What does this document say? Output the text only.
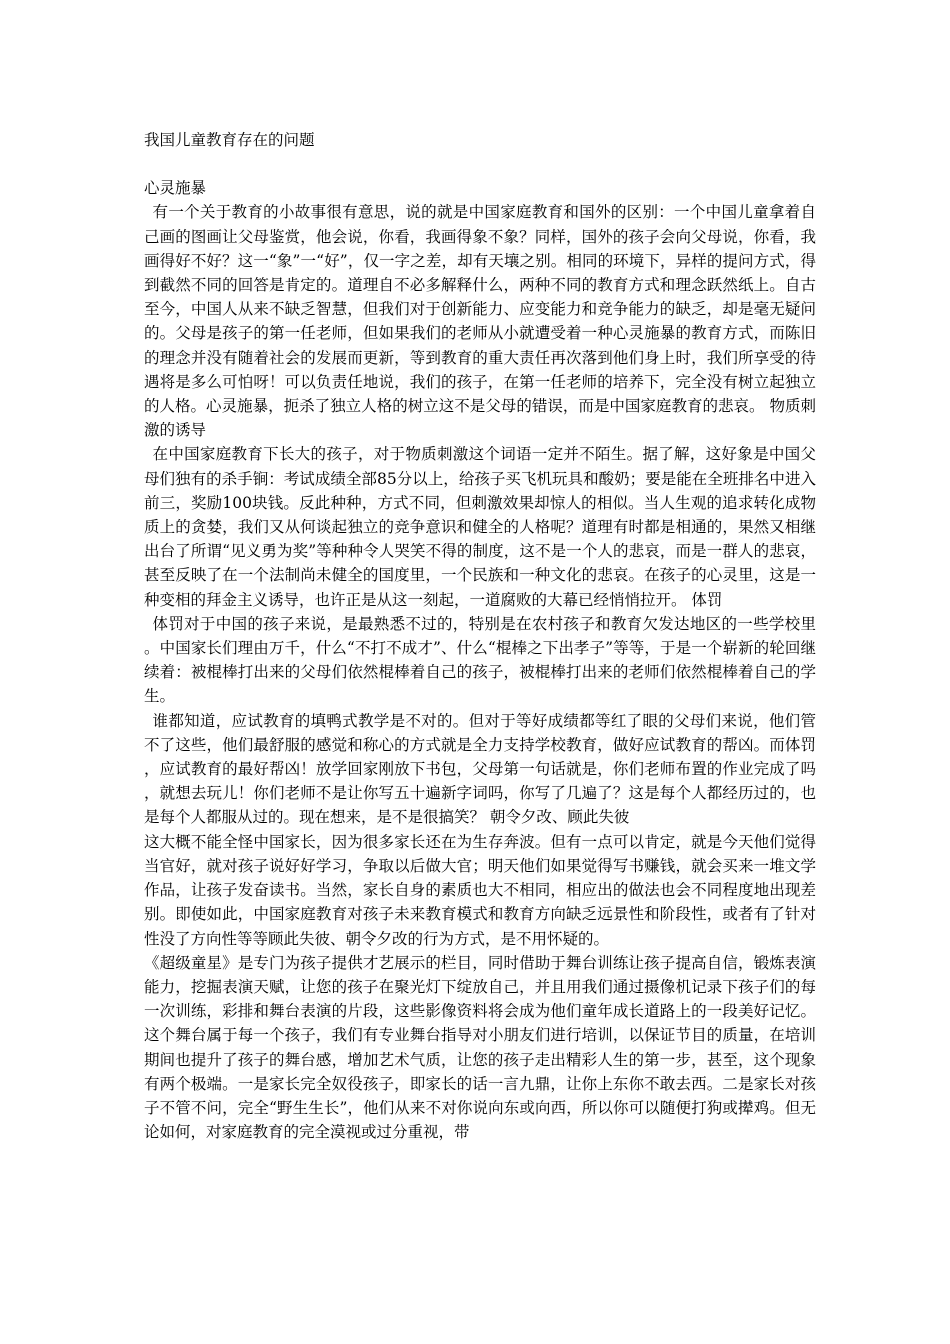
我国儿童教育存在的问题

心灵施暴

有一个关于教育的小故事很有意思，说的就是中国家庭教育和国外的区别：一个中国儿童拿着自己画的图画让父母鉴赏，他会说，你看，我画得象不象？同样，国外的孩子会向父母说，你看，我画得好不好？这一“象”一“好”，仅一字之差，却有天壤之别。相同的环境下，异样的提问方式，得到截然不同的回答是肯定的。道理自不必多解释什么，两种不同的教育方式和理念跃然纸上。自古至今，中国人从来不缺乏智慧，但我们对于创新能力、应变能力和竞争能力的缺乏，却是毫无疑问的。父母是孩子的第一任老师，但如果我们的老师从小就遭受着一种心灵施暴的教育方式，而陈旧的理念并没有随着社会的发展而更新，等到教育的重大责任再次落到他们身上时，我们所享受的待遇将是多么可怕呀！可以负责任地说，我们的孩子，在第一任老师的培养下，完全没有树立起独立的人格。心灵施暴，扼杀了独立人格的树立这不是父母的错误，而是中国家庭教育的悲哀。 物质刺激的诱导

在中国家庭教育下长大的孩子，对于物质刺激这个词语一定并不陌生。据了解，这好象是中国父母们独有的杀手锏：考试成绩全部85分以上，给孩子买飞机玩具和酸奶；要是能在全班排名中进入前三，奖励100块钱。反此种种，方式不同，但刺激效果却惊人的相似。当人生观的追求转化成物质上的贪婪，我们又从何谈起独立的竞争意识和健全的人格呢？道理有时都是相通的，果然又相继出台了所谓“见义勇为奖”等种种令人哭笑不得的制度，这不是一个人的悲哀，而是一群人的悲哀，甚至反映了在一个法制尚未健全的国度里，一个民族和一种文化的悲哀。在孩子的心灵里，这是一种变相的拜金主义诱导，也许正是从这一刻起，一道腐败的大幕已经悄悄拉开。 体罚

体罚对于中国的孩子来说，是最熟悉不过的，特别是在农村孩子和教育欠发达地区的一些学校里。中国家长们理由万千，什么“不打不成才”、什么“棍棒之下出孝子”等等，于是一个崭新的轮回继续着：被棍棒打出来的父母们依然棍棒着自己的孩子，被棍棒打出来的老师们依然棍棒着自己的学生。

谁都知道，应试教育的填鸭式教学是不对的。但对于等好成绩都等红了眼的父母们来说，他们管不了这些，他们最舒服的感觉和称心的方式就是全力支持学校教育，做好应试教育的帮凶。而体罚，应试教育的最好帮凶！放学回家刚放下书包，父母第一句话就是，你们老师布置的作业完成了吗，就想去玩儿！你们老师不是让你写五十遍新字词吗，你写了几遍了？这是每个人都经历过的，也是每个人都服从过的。现在想来，是不是很搞笑？ 朝令夕改、顾此失彼

这大概不能全怪中国家长，因为很多家长还在为生存奔波。但有一点可以肯定，就是今天他们觉得当官好，就对孩子说好好学习，争取以后做大官；明天他们如果觉得写书赚钱，就会买来一堆文学作品，让孩子发奋读书。当然，家长自身的素质也大不相同，相应出的做法也会不同程度地出现差别。即使如此，中国家庭教育对孩子未来教育模式和教育方向缺乏远景性和阶段性，或者有了针对性没了方向性等等顾此失彼、朝令夕改的行为方式，是不用怀疑的。

《超级童星》是专门为孩子提供才艺展示的栏目，同时借助于舞台训练让孩子提高自信，锻炼表演能力，挖掘表演天赋，让您的孩子在聚光灯下绽放自己，并且用我们通过摄像机记录下孩子们的每一次训练，彩排和舞台表演的片段，这些影像资料将会成为他们童年成长道路上的一段美好记忆。这个舞台属于每一个孩子，我们有专业舞台指导对小朋友们进行培训，以保证节目的质量，在培训期间也提升了孩子的舞台感，增加艺术气质，让您的孩子走出精彩人生的第一步，甚至，这个现象有两个极端。一是家长完全奴役孩子，即家长的话一言九鼎，让你上东你不敢去西。二是家长对孩子不管不问，完全“野生生长”，他们从来不对你说向东或向西，所以你可以随便打狗或撵鸡。但无论如何，对家庭教育的完全漠视或过分重视，带
